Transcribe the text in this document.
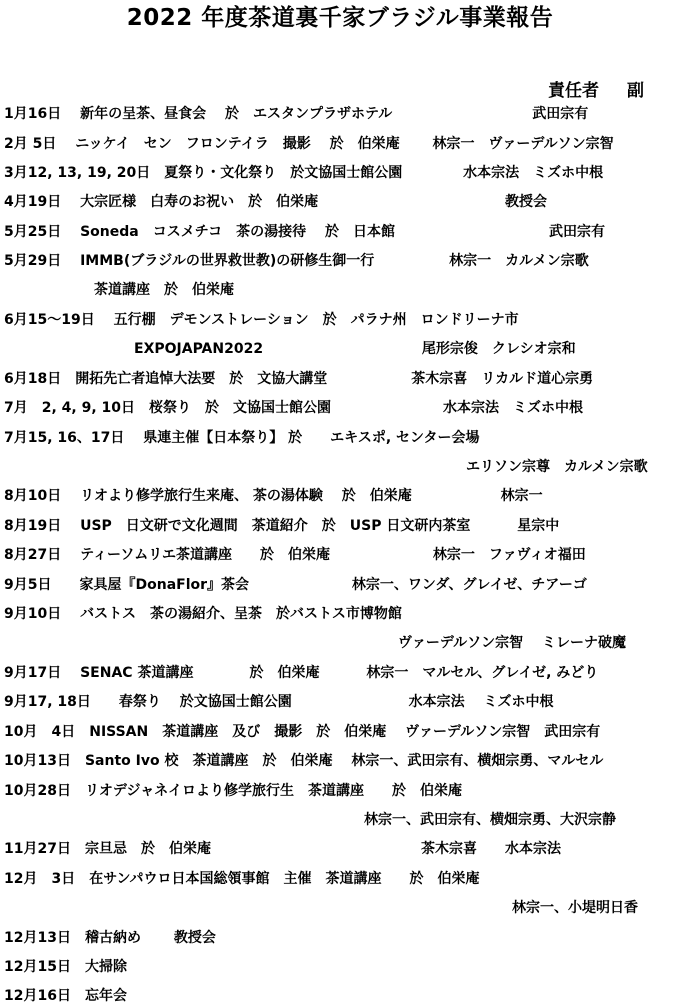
2022 年度茶道裏千家ブラジル事業報告
責任者 副
1月16日　 新年の呈茶、昼食会　 於　エスタンプラザホテル　　　　　　　　　　武田宗有
2月 5日　 ニッケイ　セン　フロンテイラ　撮影　 於　伯栄庵　　 林宗一　ヴァーデルソン宗智
3月12, 13, 19, 20日　夏祭り・文化祭り　於文協国士館公園　　　　 水本宗法　ミズホ中根
4月19日　 大宗匠様　白寿のお祝い　於　伯栄庵　　　　　　　　　　　　　 教授会
5月25日　 Soneda　コスメチコ　茶の湯接待　 於　日本館　　　　　　　　　　　武田宗有
5月29日　 IMMB(ブラジルの世界救世教)の研修生御一行　　　　　 林宗一　カルメン宗歌
茶道講座　於　伯栄庵
6月15～19日　 五行棚　デモンストレーション　於　パラナ州　ロンドリーナ市
EXPOJAPAN2022　　　　　　　　　　　 尾形宗俊　クレシオ宗和
6月18日　開拓先亡者追悼大法要　於　文協大講堂　　　　　　茶木宗喜　リカルド道心宗勇
7月　2, 4, 9, 10日　桜祭り　於　文協国士館公園　　　　　　　　水本宗法　ミズホ中根
7月15, 16、17日　 県連主催【日本祭り】 於　　エキスポ, センター会場
エリソン宗尊　カルメン宗歌
8月10日　 リオより修学旅行生来庵、 茶の湯体験　 於　伯栄庵　　　　　　 林宗一
8月19日　 USP　日文研で文化週間　茶道紹介　於　USP 日文研内茶室　　　 星宗中
8月27日　 ティーソムリエ茶道講座　　於　伯栄庵　　　　　　　 林宗一　ファヴィオ福田
9月5日　　家具屋『DonaFlor』茶会　　　　　　　 林宗一、ワンダ、グレイゼ、チアーゴ
9月10日　 バストス　茶の湯紹介、呈茶　於バストス市博物館
ヴァーデルソン宗智　 ミレーナ破魔
9月17日　 SENAC 茶道講座　　　　於　伯栄庵　　　 林宗一　マルセル、グレイゼ, みどり
9月17, 18日　　春祭り　 於文協国士館公園　　　　　　　　 水本宗法　 ミズホ中根
10月　4日　NISSAN　茶道講座　及び　撮影　於　伯栄庵　 ヴァーデルソン宗智　武田宗有
10月13日　Santo Ivo 校　茶道講座　於　伯栄庵　 林宗一、武田宗有、横畑宗勇、マルセル
10月28日　リオデジャネイロより修学旅行生　茶道講座　　於　伯栄庵
林宗一、武田宗有、横畑宗勇、大沢宗静
11月27日　宗旦忌　於　伯栄庵　　　　　　　　　　　　　　　茶木宗喜　　水本宗法
12月　3日　在サンパウロ日本国総領事館　主催　茶道講座　　於　伯栄庵
林宗一、小堤明日香
12月13日　稽古納め　　 教授会
12月15日　大掃除
12月16日　忘年会
